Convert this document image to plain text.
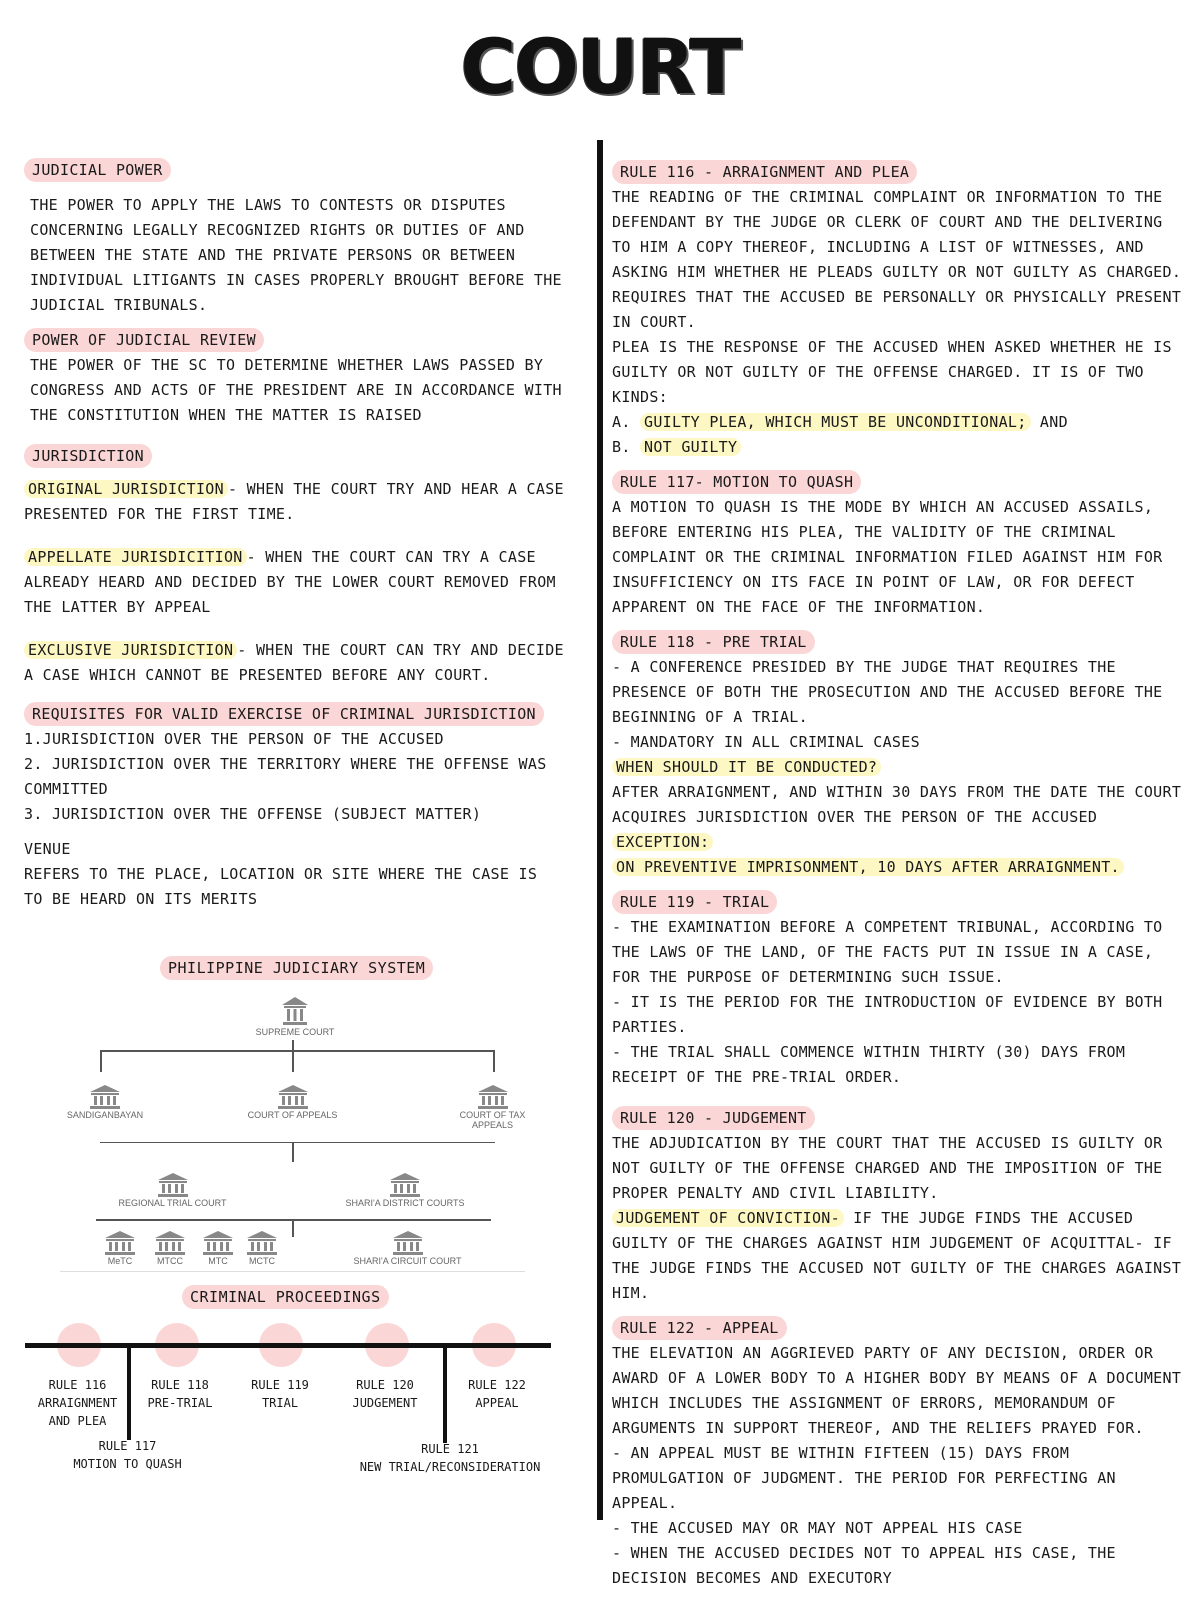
COURT
JUDICIAL POWER

THE POWER TO APPLY THE LAWS TO CONTESTS OR DISPUTES CONCERNING LEGALLY RECOGNIZED RIGHTS OR DUTIES OF AND BETWEEN THE STATE AND THE PRIVATE PERSONS OR BETWEEN INDIVIDUAL LITIGANTS IN CASES PROPERLY BROUGHT BEFORE THE JUDICIAL TRIBUNALS.

POWER OF JUDICIAL REVIEW

THE POWER OF THE SC TO DETERMINE WHETHER LAWS PASSED BY CONGRESS AND ACTS OF THE PRESIDENT ARE IN ACCORDANCE WITH THE CONSTITUTION WHEN THE MATTER IS RAISED

JURISDICTION

ORIGINAL JURISDICTION - WHEN THE COURT TRY AND HEAR A CASE PRESENTED FOR THE FIRST TIME.

APPELLATE JURISDICITION - WHEN THE COURT CAN TRY A CASE ALREADY HEARD AND DECIDED BY THE LOWER COURT REMOVED FROM THE LATTER BY APPEAL

EXCLUSIVE JURISDICTION - WHEN THE COURT CAN TRY AND DECIDE A CASE WHICH CANNOT BE PRESENTED BEFORE ANY COURT.

REQUISITES FOR VALID EXERCISE OF CRIMINAL JURISDICTION

1.JURISDICTION OVER THE PERSON OF THE ACCUSED

2. JURISDICTION OVER THE TERRITORY WHERE THE OFFENSE WAS COMMITTED

3. JURISDICTION OVER THE OFFENSE (SUBJECT MATTER)

VENUE

REFERS TO THE PLACE, LOCATION OR SITE WHERE THE CASE IS TO BE HEARD ON ITS MERITS

PHILIPPINE JUDICIARY SYSTEM
SUPREME COURT
SANDIGANBAYAN	COURT OF APPEALS	COURT OF TAX
APPEALS
REGIONAL TRIAL COURT	SHARI'A DISTRICT COURTS
MeTC	MTCC	MTC	MCTC	SHARI'A CIRCUIT COURT
CRIMINAL PROCEEDINGS
RULE 116
ARRAIGNMENT
AND PLEA
RULE 118
PRE-TRIAL
RULE 119
TRIAL
RULE 120
JUDGEMENT
RULE 122
APPEAL
RULE 117
MOTION TO QUASH
RULE 121
NEW TRIAL/RECONSIDERATION
RULE 116 - ARRAIGNMENT AND PLEA

THE READING OF THE CRIMINAL COMPLAINT OR INFORMATION TO THE DEFENDANT BY THE JUDGE OR CLERK OF COURT AND THE DELIVERING TO HIM A COPY THEREOF, INCLUDING A LIST OF WITNESSES, AND ASKING HIM WHETHER HE PLEADS GUILTY OR NOT GUILTY AS CHARGED.

REQUIRES THAT THE ACCUSED BE PERSONALLY OR PHYSICALLY PRESENT IN COURT.

PLEA IS THE RESPONSE OF THE ACCUSED WHEN ASKED WHETHER HE IS GUILTY OR NOT GUILTY OF THE OFFENSE CHARGED. IT IS OF TWO KINDS:

A. GUILTY PLEA, WHICH MUST BE UNCONDITIONAL; AND

B. NOT GUILTY

RULE 117- MOTION TO QUASH

A MOTION TO QUASH IS THE MODE BY WHICH AN ACCUSED ASSAILS, BEFORE ENTERING HIS PLEA, THE VALIDITY OF THE CRIMINAL COMPLAINT OR THE CRIMINAL INFORMATION FILED AGAINST HIM FOR INSUFFICIENCY ON ITS FACE IN POINT OF LAW, OR FOR DEFECT APPARENT ON THE FACE OF THE INFORMATION.

RULE 118 - PRE TRIAL

- A CONFERENCE PRESIDED BY THE JUDGE THAT REQUIRES THE PRESENCE OF BOTH THE PROSECUTION AND THE ACCUSED BEFORE THE BEGINNING OF A TRIAL.

- MANDATORY IN ALL CRIMINAL CASES

WHEN SHOULD IT BE CONDUCTED?

AFTER ARRAIGNMENT, AND WITHIN 30 DAYS FROM THE DATE THE COURT ACQUIRES JURISDICTION OVER THE PERSON OF THE ACCUSED

EXCEPTION:

ON PREVENTIVE IMPRISONMENT, 10 DAYS AFTER ARRAIGNMENT.

RULE 119 - TRIAL

- THE EXAMINATION BEFORE A COMPETENT TRIBUNAL, ACCORDING TO THE LAWS OF THE LAND, OF THE FACTS PUT IN ISSUE IN A CASE, FOR THE PURPOSE OF DETERMINING SUCH ISSUE.

- IT IS THE PERIOD FOR THE INTRODUCTION OF EVIDENCE BY BOTH PARTIES.

- THE TRIAL SHALL COMMENCE WITHIN THIRTY (30) DAYS FROM RECEIPT OF THE PRE-TRIAL ORDER.

RULE 120 - JUDGEMENT

THE ADJUDICATION BY THE COURT THAT THE ACCUSED IS GUILTY OR NOT GUILTY OF THE OFFENSE CHARGED AND THE IMPOSITION OF THE PROPER PENALTY AND CIVIL LIABILITY.

JUDGEMENT OF CONVICTION- IF THE JUDGE FINDS THE ACCUSED GUILTY OF THE CHARGES AGAINST HIM JUDGEMENT OF ACQUITTAL- IF THE JUDGE FINDS THE ACCUSED NOT GUILTY OF THE CHARGES AGAINST HIM.

RULE 122 - APPEAL

THE ELEVATION AN AGGRIEVED PARTY OF ANY DECISION, ORDER OR AWARD OF A LOWER BODY TO A HIGHER BODY BY MEANS OF A DOCUMENT WHICH INCLUDES THE ASSIGNMENT OF ERRORS, MEMORANDUM OF ARGUMENTS IN SUPPORT THEREOF, AND THE RELIEFS PRAYED FOR.

- AN APPEAL MUST BE WITHIN FIFTEEN (15) DAYS FROM PROMULGATION OF JUDGMENT. THE PERIOD FOR PERFECTING AN APPEAL.

- THE ACCUSED MAY OR MAY NOT APPEAL HIS CASE

- WHEN THE ACCUSED DECIDES NOT TO APPEAL HIS CASE, THE DECISION BECOMES AND EXECUTORY
